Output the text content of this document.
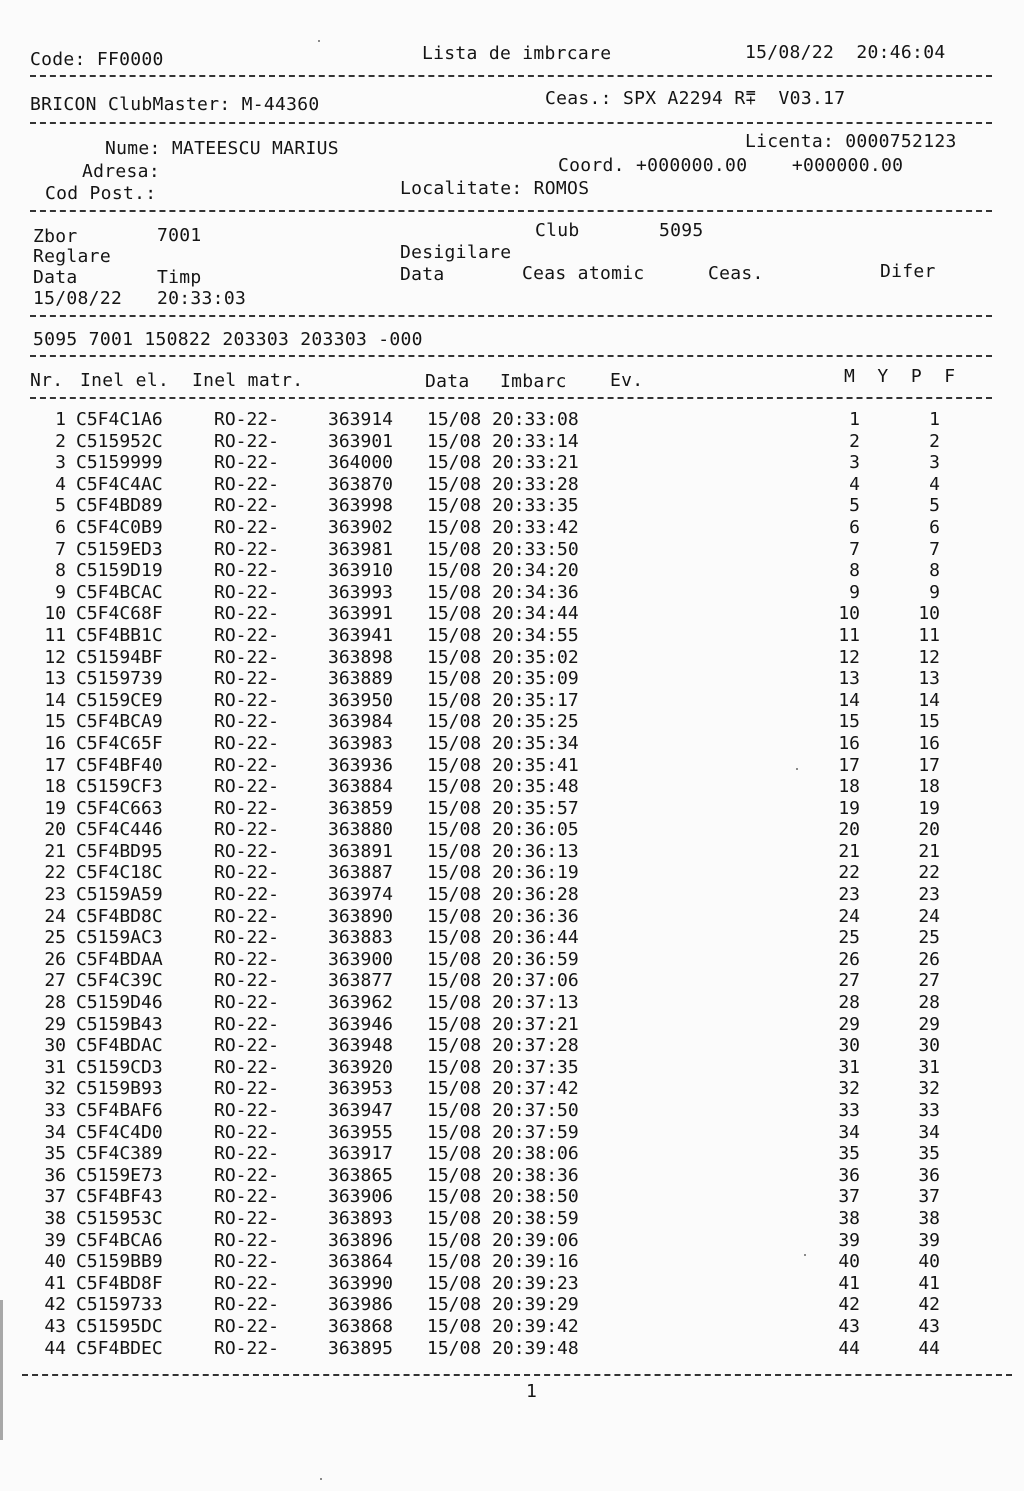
Code: FF0000	Lista de imbrcare	15/08/22  20:46:04
BRICON ClubMaster: M-44360	Ceas.: SPX A2294 R⩱  V03.17
Licenta: 0000752123
Nume: MATEESCU MARIUS
Coord. +000000.00    +000000.00
Adresa:
Localitate: ROMOS
Cod Post.:
Zbor	7001	Club	5095
Reglare	Desigilare
Data	Timp	Data	Ceas atomic	Ceas.	Difer
15/08/22 20:33:03
5095 7001 150822 203303 203303 -000
Nr. Inel el. Inel matr.	Data Imbarc Ev.	M  Y  P  F
1 C5F4C1A6	RO-22-	363914 15/08 20:33:08	1	1
2 C515952C	RO-22-	363901 15/08 20:33:14	2	2
3 C5159999	RO-22-	364000 15/08 20:33:21	3	3
4 C5F4C4AC	RO-22-	363870 15/08 20:33:28	4	4
5 C5F4BD89	RO-22-	363998 15/08 20:33:35	5	5
6 C5F4C0B9	RO-22-	363902 15/08 20:33:42	6	6
7 C5159ED3	RO-22-	363981 15/08 20:33:50	7	7
8 C5159D19	RO-22-	363910 15/08 20:34:20	8	8
9 C5F4BCAC	RO-22-	363993 15/08 20:34:36	9	9
10 C5F4C68F	RO-22-	363991 15/08 20:34:44	10	10
11 C5F4BB1C	RO-22-	363941 15/08 20:34:55	11	11
12 C51594BF	RO-22-	363898 15/08 20:35:02	12	12
13 C5159739	RO-22-	363889 15/08 20:35:09	13	13
14 C5159CE9	RO-22-	363950 15/08 20:35:17	14	14
15 C5F4BCA9	RO-22-	363984 15/08 20:35:25	15	15
16 C5F4C65F	RO-22-	363983 15/08 20:35:34	16	16
17 C5F4BF40	RO-22-	363936 15/08 20:35:41	17	17
18 C5159CF3	RO-22-	363884 15/08 20:35:48	18	18
19 C5F4C663	RO-22-	363859 15/08 20:35:57	19	19
20 C5F4C446	RO-22-	363880 15/08 20:36:05	20	20
21 C5F4BD95	RO-22-	363891 15/08 20:36:13	21	21
22 C5F4C18C	RO-22-	363887 15/08 20:36:19	22	22
23 C5159A59	RO-22-	363974 15/08 20:36:28	23	23
24 C5F4BD8C	RO-22-	363890 15/08 20:36:36	24	24
25 C5159AC3	RO-22-	363883 15/08 20:36:44	25	25
26 C5F4BDAA	RO-22-	363900 15/08 20:36:59	26	26
27 C5F4C39C	RO-22-	363877 15/08 20:37:06	27	27
28 C5159D46	RO-22-	363962 15/08 20:37:13	28	28
29 C5159B43	RO-22-	363946 15/08 20:37:21	29	29
30 C5F4BDAC	RO-22-	363948 15/08 20:37:28	30	30
31 C5159CD3	RO-22-	363920 15/08 20:37:35	31	31
32 C5159B93	RO-22-	363953 15/08 20:37:42	32	32
33 C5F4BAF6	RO-22-	363947 15/08 20:37:50	33	33
34 C5F4C4D0	RO-22-	363955 15/08 20:37:59	34	34
35 C5F4C389	RO-22-	363917 15/08 20:38:06	35	35
36 C5159E73	RO-22-	363865 15/08 20:38:36	36	36
37 C5F4BF43	RO-22-	363906 15/08 20:38:50	37	37
38 C515953C	RO-22-	363893 15/08 20:38:59	38	38
39 C5F4BCA6	RO-22-	363896 15/08 20:39:06	39	39
40 C5159BB9	RO-22-	363864 15/08 20:39:16	40	40
41 C5F4BD8F	RO-22-	363990 15/08 20:39:23	41	41
42 C5159733	RO-22-	363986 15/08 20:39:29	42	42
43 C51595DC	RO-22-	363868 15/08 20:39:42	43	43
44 C5F4BDEC	RO-22-	363895 15/08 20:39:48	44	44
1
